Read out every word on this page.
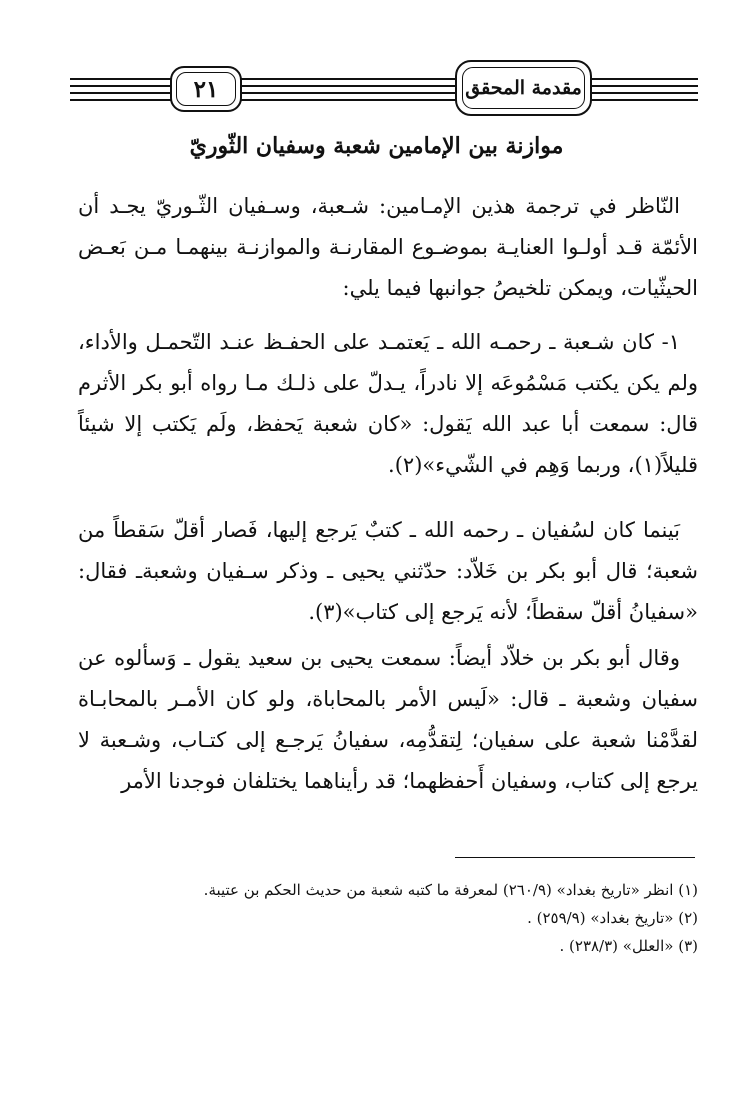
٢١	مقدمة المحقق
موازنة بين الإمامين شعبة وسفيان الثّوريّ
النّاظر في ترجمة هذين الإمـامين: شـعبة، وسـفيان الثّـوريّ يجـد أن الأئمّة قـد أولـوا العنايـة بموضـوع المقارنـة والموازنـة بينهمـا مـن بَعـض الحيثّيات، ويمكن تلخيصُ جوانبها فيما يلي:
١- كان شـعبة ـ رحمـه الله ـ يَعتمـد على الحفـظ عنـد التّحمـل والأداء، ولم يكن يكتب مَسْمُوعَه إلا نادراً، يـدلّ على ذلـك مـا رواه أبو بكر الأثرم قال: سمعت أبا عبد الله يَقول: «كان شعبة يَحفظ، ولَم يَكتب إلا شيئاً قليلاً(١)، وربما وَهِم في الشّيء»(٢).
بَينما كان لسُفيان ـ رحمه الله ـ كتبٌ يَرجع إليها، فَصار أقلّ سَقطاً من شعبة؛ قال أبو بكر بن خَلاّد: حدّثني يحيى ـ وذكر سـفيان وشعبةـ فقال: «سفيانُ أقلّ سقطاً؛ لأنه يَرجع إلى كتاب»(٣).
وقال أبو بكر بن خلاّد أيضاً: سمعت يحيى بن سعيد يقول ـ وَسألوه عن سفيان وشعبة ـ قال: «لَيس الأمر بالمحاباة، ولو كان الأمـر بالمحابـاة لقدَّمْنا شعبة على سفيان؛ لِتقدُّمِه، سفيانُ يَرجـع إلى كتـاب، وشـعبة لا يرجع إلى كتاب، وسفيان أَحفظهما؛ قد رأيناهما يختلفان فوجدنا الأمر

(١) انظر «تاريخ بغداد» (٢٦٠/٩) لمعرفة ما كتبه شعبة من حديث الحكم بن عتيبة.

(٢) «تاريخ بغداد» (٢٥٩/٩) .

(٣) «العلل» (٢٣٨/٣) .
